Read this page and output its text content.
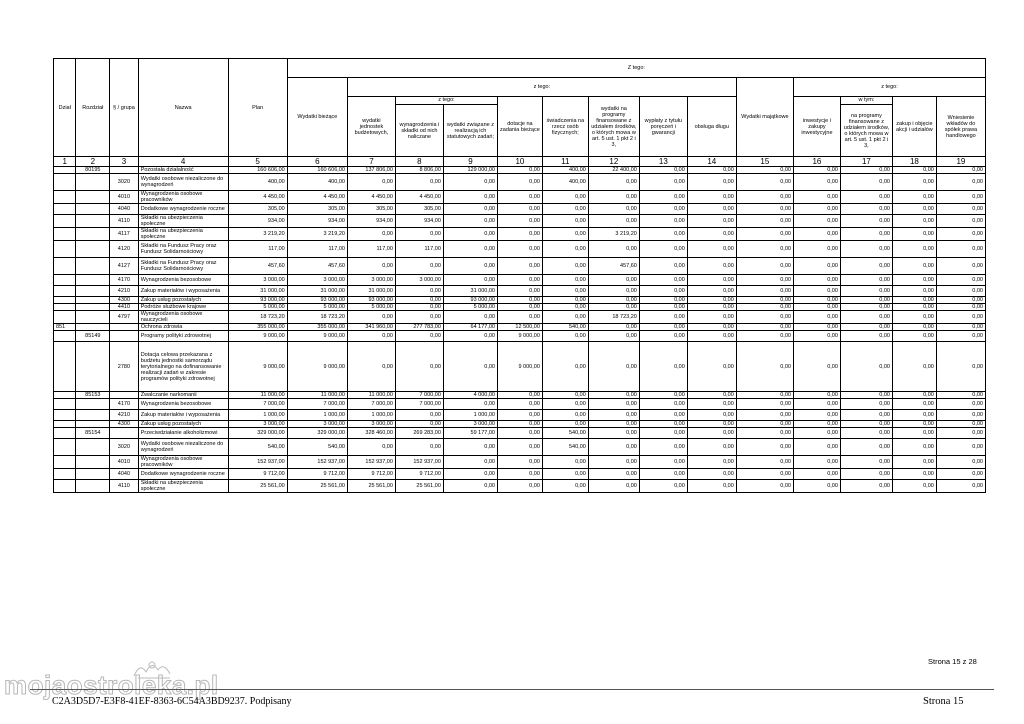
Dział	Rozdział	§ / grupa	Nazwa	Plan	Z tego:													
					Wydatki bieżące	z tego:								Wydatki majątkowe	z tego:			
						wydatki jednostek budżetowych,	z tego:		dotacje na zadania bieżące	świadczenia na rzecz osób fizycznych;	wydatki na programy finansowane z udziałem środków, o których mowa w art. 5 ust. 1 pkt 2 i 3,	wypłaty z tytułu poręczeń i gwarancji	obsługa długu		inwestycje i zakupy inwestycyjne	w tym:	zakup i objęcie akcji i udziałów	Wniesienie wkładów do spółek prawa handlowego
							wynagrodzenia i składki od nich naliczane	wydatki związane z realizacją ich statutowych zadań;								na programy finansowane z udziałem środków, o których mowa w art. 5 ust. 1 pkt 2 i 3,		
1	2	3	4	5	6	7	8	9	10	11	12	13	14	15	16	17	18	19
	80195		Pozostała działalność	160 606,00	160 606,00	137 806,00	8 806,00	129 000,00	0,00	400,00	22 400,00	0,00	0,00	0,00	0,00	0,00	0,00	0,00
		3020	Wydatki osobowe niezaliczone do wynagrodzeń	400,00	400,00	0,00	0,00	0,00	0,00	400,00	0,00	0,00	0,00	0,00	0,00	0,00	0,00	0,00
		4010	Wynagrodzenia osobowe pracowników	4 450,00	4 450,00	4 450,00	4 450,00	0,00	0,00	0,00	0,00	0,00	0,00	0,00	0,00	0,00	0,00	0,00
		4040	Dodatkowe wynagrodzenie roczne	305,00	305,00	305,00	305,00	0,00	0,00	0,00	0,00	0,00	0,00	0,00	0,00	0,00	0,00	0,00
		4110	Składki na ubezpieczenia społeczne	934,00	934,00	934,00	934,00	0,00	0,00	0,00	0,00	0,00	0,00	0,00	0,00	0,00	0,00	0,00
		4117	Składki na ubezpieczenia społeczne	3 219,20	3 219,20	0,00	0,00	0,00	0,00	0,00	3 219,20	0,00	0,00	0,00	0,00	0,00	0,00	0,00
		4120	Składki na Fundusz Pracy oraz Fundusz Solidarnościowy	117,00	117,00	117,00	117,00	0,00	0,00	0,00	0,00	0,00	0,00	0,00	0,00	0,00	0,00	0,00
		4127	Składki na Fundusz Pracy oraz Fundusz Solidarnościowy	457,60	457,60	0,00	0,00	0,00	0,00	0,00	457,60	0,00	0,00	0,00	0,00	0,00	0,00	0,00
		4170	Wynagrodzenia bezosobowe	3 000,00	3 000,00	3 000,00	3 000,00	0,00	0,00	0,00	0,00	0,00	0,00	0,00	0,00	0,00	0,00	0,00
		4210	Zakup materiałów i wyposażenia	31 000,00	31 000,00	31 000,00	0,00	31 000,00	0,00	0,00	0,00	0,00	0,00	0,00	0,00	0,00	0,00	0,00
		4300	Zakup usług pozostałych	93 000,00	93 000,00	93 000,00	0,00	93 000,00	0,00	0,00	0,00	0,00	0,00	0,00	0,00	0,00	0,00	0,00
		4410	Podróże służbowe krajowe	5 000,00	5 000,00	5 000,00	0,00	5 000,00	0,00	0,00	0,00	0,00	0,00	0,00	0,00	0,00	0,00	0,00
		4797	Wynagrodzenia osobowe nauczycieli	18 723,20	18 723,20	0,00	0,00	0,00	0,00	0,00	18 723,20	0,00	0,00	0,00	0,00	0,00	0,00	0,00
851			Ochrona zdrowia	355 000,00	355 000,00	341 960,00	277 783,00	64 177,00	12 500,00	540,00	0,00	0,00	0,00	0,00	0,00	0,00	0,00	0,00
	85149		Programy polityki zdrowotnej	9 000,00	9 000,00	0,00	0,00	0,00	9 000,00	0,00	0,00	0,00	0,00	0,00	0,00	0,00	0,00	0,00
		2780	Dotacja celowa przekazana z budżetu jednostki samorządu terytorialnego na dofinansowanie realizacji zadań w zakresie programów polityki zdrowotnej	9 000,00	9 000,00	0,00	0,00	0,00	9 000,00	0,00	0,00	0,00	0,00	0,00	0,00	0,00	0,00	0,00
	85153		Zwalczanie narkomanii	11 000,00	11 000,00	11 000,00	7 000,00	4 000,00	0,00	0,00	0,00	0,00	0,00	0,00	0,00	0,00	0,00	0,00
		4170	Wynagrodzenia bezosobowe	7 000,00	7 000,00	7 000,00	7 000,00	0,00	0,00	0,00	0,00	0,00	0,00	0,00	0,00	0,00	0,00	0,00
		4210	Zakup materiałów i wyposażenia	1 000,00	1 000,00	1 000,00	0,00	1 000,00	0,00	0,00	0,00	0,00	0,00	0,00	0,00	0,00	0,00	0,00
		4300	Zakup usług pozostałych	3 000,00	3 000,00	3 000,00	0,00	3 000,00	0,00	0,00	0,00	0,00	0,00	0,00	0,00	0,00	0,00	0,00
	85154		Przeciwdziałanie alkoholizmowi	329 000,00	329 000,00	328 460,00	269 283,00	59 177,00	0,00	540,00	0,00	0,00	0,00	0,00	0,00	0,00	0,00	0,00
		3020	Wydatki osobowe niezaliczone do wynagrodzeń	540,00	540,00	0,00	0,00	0,00	0,00	540,00	0,00	0,00	0,00	0,00	0,00	0,00	0,00	0,00
		4010	Wynagrodzenia osobowe pracowników	152 937,00	152 937,00	152 937,00	152 937,00	0,00	0,00	0,00	0,00	0,00	0,00	0,00	0,00	0,00	0,00	0,00
		4040	Dodatkowe wynagrodzenie roczne	9 712,00	9 712,00	9 712,00	9 712,00	0,00	0,00	0,00	0,00	0,00	0,00	0,00	0,00	0,00	0,00	0,00
		4110	Składki na ubezpieczenia społeczne	25 561,00	25 561,00	25 561,00	25 561,00	0,00	0,00	0,00	0,00	0,00	0,00	0,00	0,00	0,00	0,00	0,00
mojaostroleka.pl
Strona 15 z 28
C2A3D5D7-E3F8-41EF-8363-6C54A3BD9237. Podpisany	Strona 15
